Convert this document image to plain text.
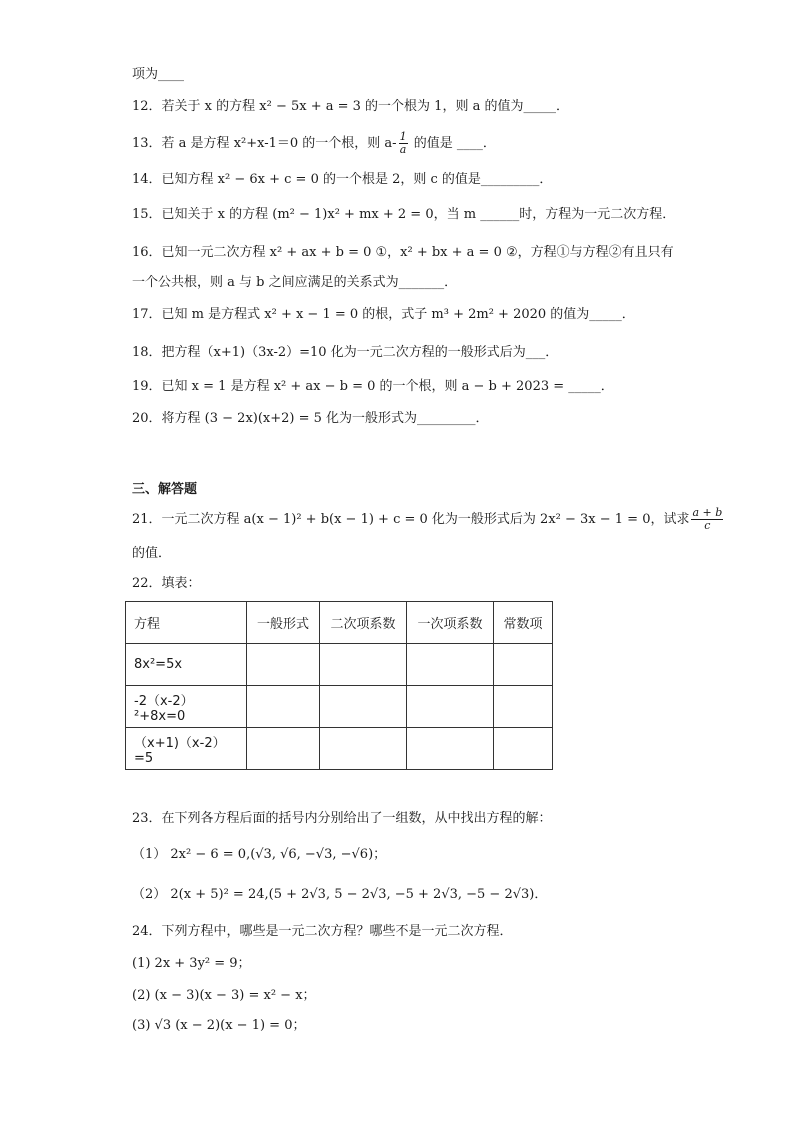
项为____
12．若关于 x 的方程 x² − 5x + a = 3 的一个根为 1，则 a 的值为_____．
13．若 a 是方程 x²+x-1＝0 的一个根，则 $a- \frac{1}{a}$ 的值是 ____．
14．已知方程 x² − 6x + c = 0 的一个根是 2，则 c 的值是_________．
15．已知关于 x 的方程 (m² − 1)x² + mx + 2 = 0，当 m ______时，方程为一元二次方程．
16．已知一元二次方程 x² + ax + b = 0 ①，x² + bx + a = 0 ②，方程①与方程②有且只有
一个公共根，则 a 与 b 之间应满足的关系式为_______．
17．已知 m 是方程式 x² + x − 1 = 0 的根，式子 m³ + 2m² + 2020 的值为_____．
18．把方程（x+1)（3x-2）=10 化为一元二次方程的一般形式后为___．
19．已知 x = 1 是方程 x² + ax − b = 0 的一个根，则 a − b + 2023 = _____．
20．将方程 (3 − 2x)(x+2) = 5 化为一般形式为_________．
三、解答题
21．一元二次方程 a(x − 1)² + b(x − 1) + c = 0 化为一般形式后为 2x² − 3x − 1 = 0，试求 $\frac{a + b}{c}$
的值．
22．填表：
方程	一般形式	二次项系数	一次项系数	常数项
8x²=5x				
-2（x-2）²+8x=0				
（x+1)（x-2）=5				
23．在下列各方程后面的括号内分别给出了一组数，从中找出方程的解：
（1） 2x² − 6 = 0,(√3, √6, −√3, −√6)；
（2） 2(x + 5)² = 24,(5 + 2√3, 5 − 2√3, −5 + 2√3, −5 − 2√3)．
24．下列方程中，哪些是一元二次方程？哪些不是一元二次方程．
(1) 2x + 3y² = 9；
(2) (x − 3)(x − 3) = x² − x；
(3) √3 (x − 2)(x − 1) = 0；
